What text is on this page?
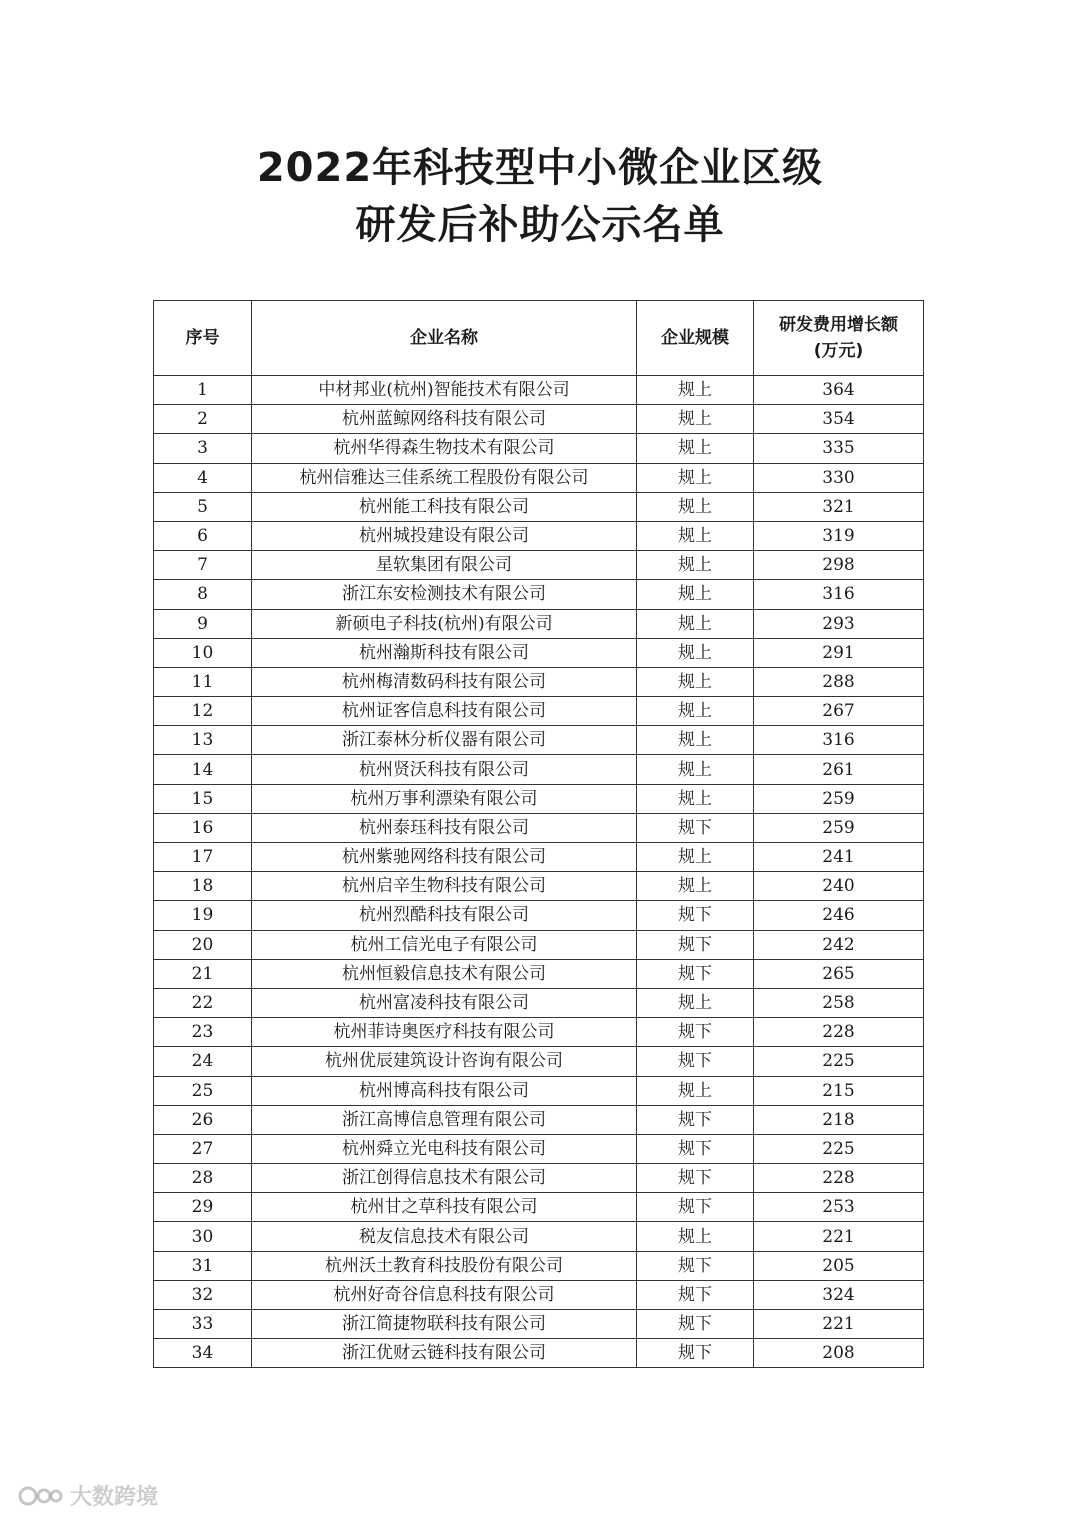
2022年科技型中小微企业区级
研发后补助公示名单
序号	企业名称	企业规模	研发费用增长额
(万元)

1	中材邦业(杭州)智能技术有限公司	规上	364
2	杭州蓝鲸网络科技有限公司	规上	354
3	杭州华得森生物技术有限公司	规上	335
4	杭州信雅达三佳系统工程股份有限公司	规上	330
5	杭州能工科技有限公司	规上	321
6	杭州城投建设有限公司	规上	319
7	星软集团有限公司	规上	298
8	浙江东安检测技术有限公司	规上	316
9	新硕电子科技(杭州)有限公司	规上	293
10	杭州瀚斯科技有限公司	规上	291
11	杭州梅清数码科技有限公司	规上	288
12	杭州证客信息科技有限公司	规上	267
13	浙江泰林分析仪器有限公司	规上	316
14	杭州贤沃科技有限公司	规上	261
15	杭州万事利漂染有限公司	规上	259
16	杭州泰珏科技有限公司	规下	259
17	杭州紫驰网络科技有限公司	规上	241
18	杭州启辛生物科技有限公司	规上	240
19	杭州烈酷科技有限公司	规下	246
20	杭州工信光电子有限公司	规下	242
21	杭州恒毅信息技术有限公司	规下	265
22	杭州富凌科技有限公司	规上	258
23	杭州菲诗奥医疗科技有限公司	规下	228
24	杭州优辰建筑设计咨询有限公司	规下	225
25	杭州博高科技有限公司	规上	215
26	浙江高博信息管理有限公司	规下	218
27	杭州舜立光电科技有限公司	规下	225
28	浙江创得信息技术有限公司	规下	228
29	杭州甘之草科技有限公司	规下	253
30	税友信息技术有限公司	规上	221
31	杭州沃土教育科技股份有限公司	规下	205
32	杭州好奇谷信息科技有限公司	规下	324
33	浙江简捷物联科技有限公司	规下	221
34	浙江优财云链科技有限公司	规下	208
大数跨境
